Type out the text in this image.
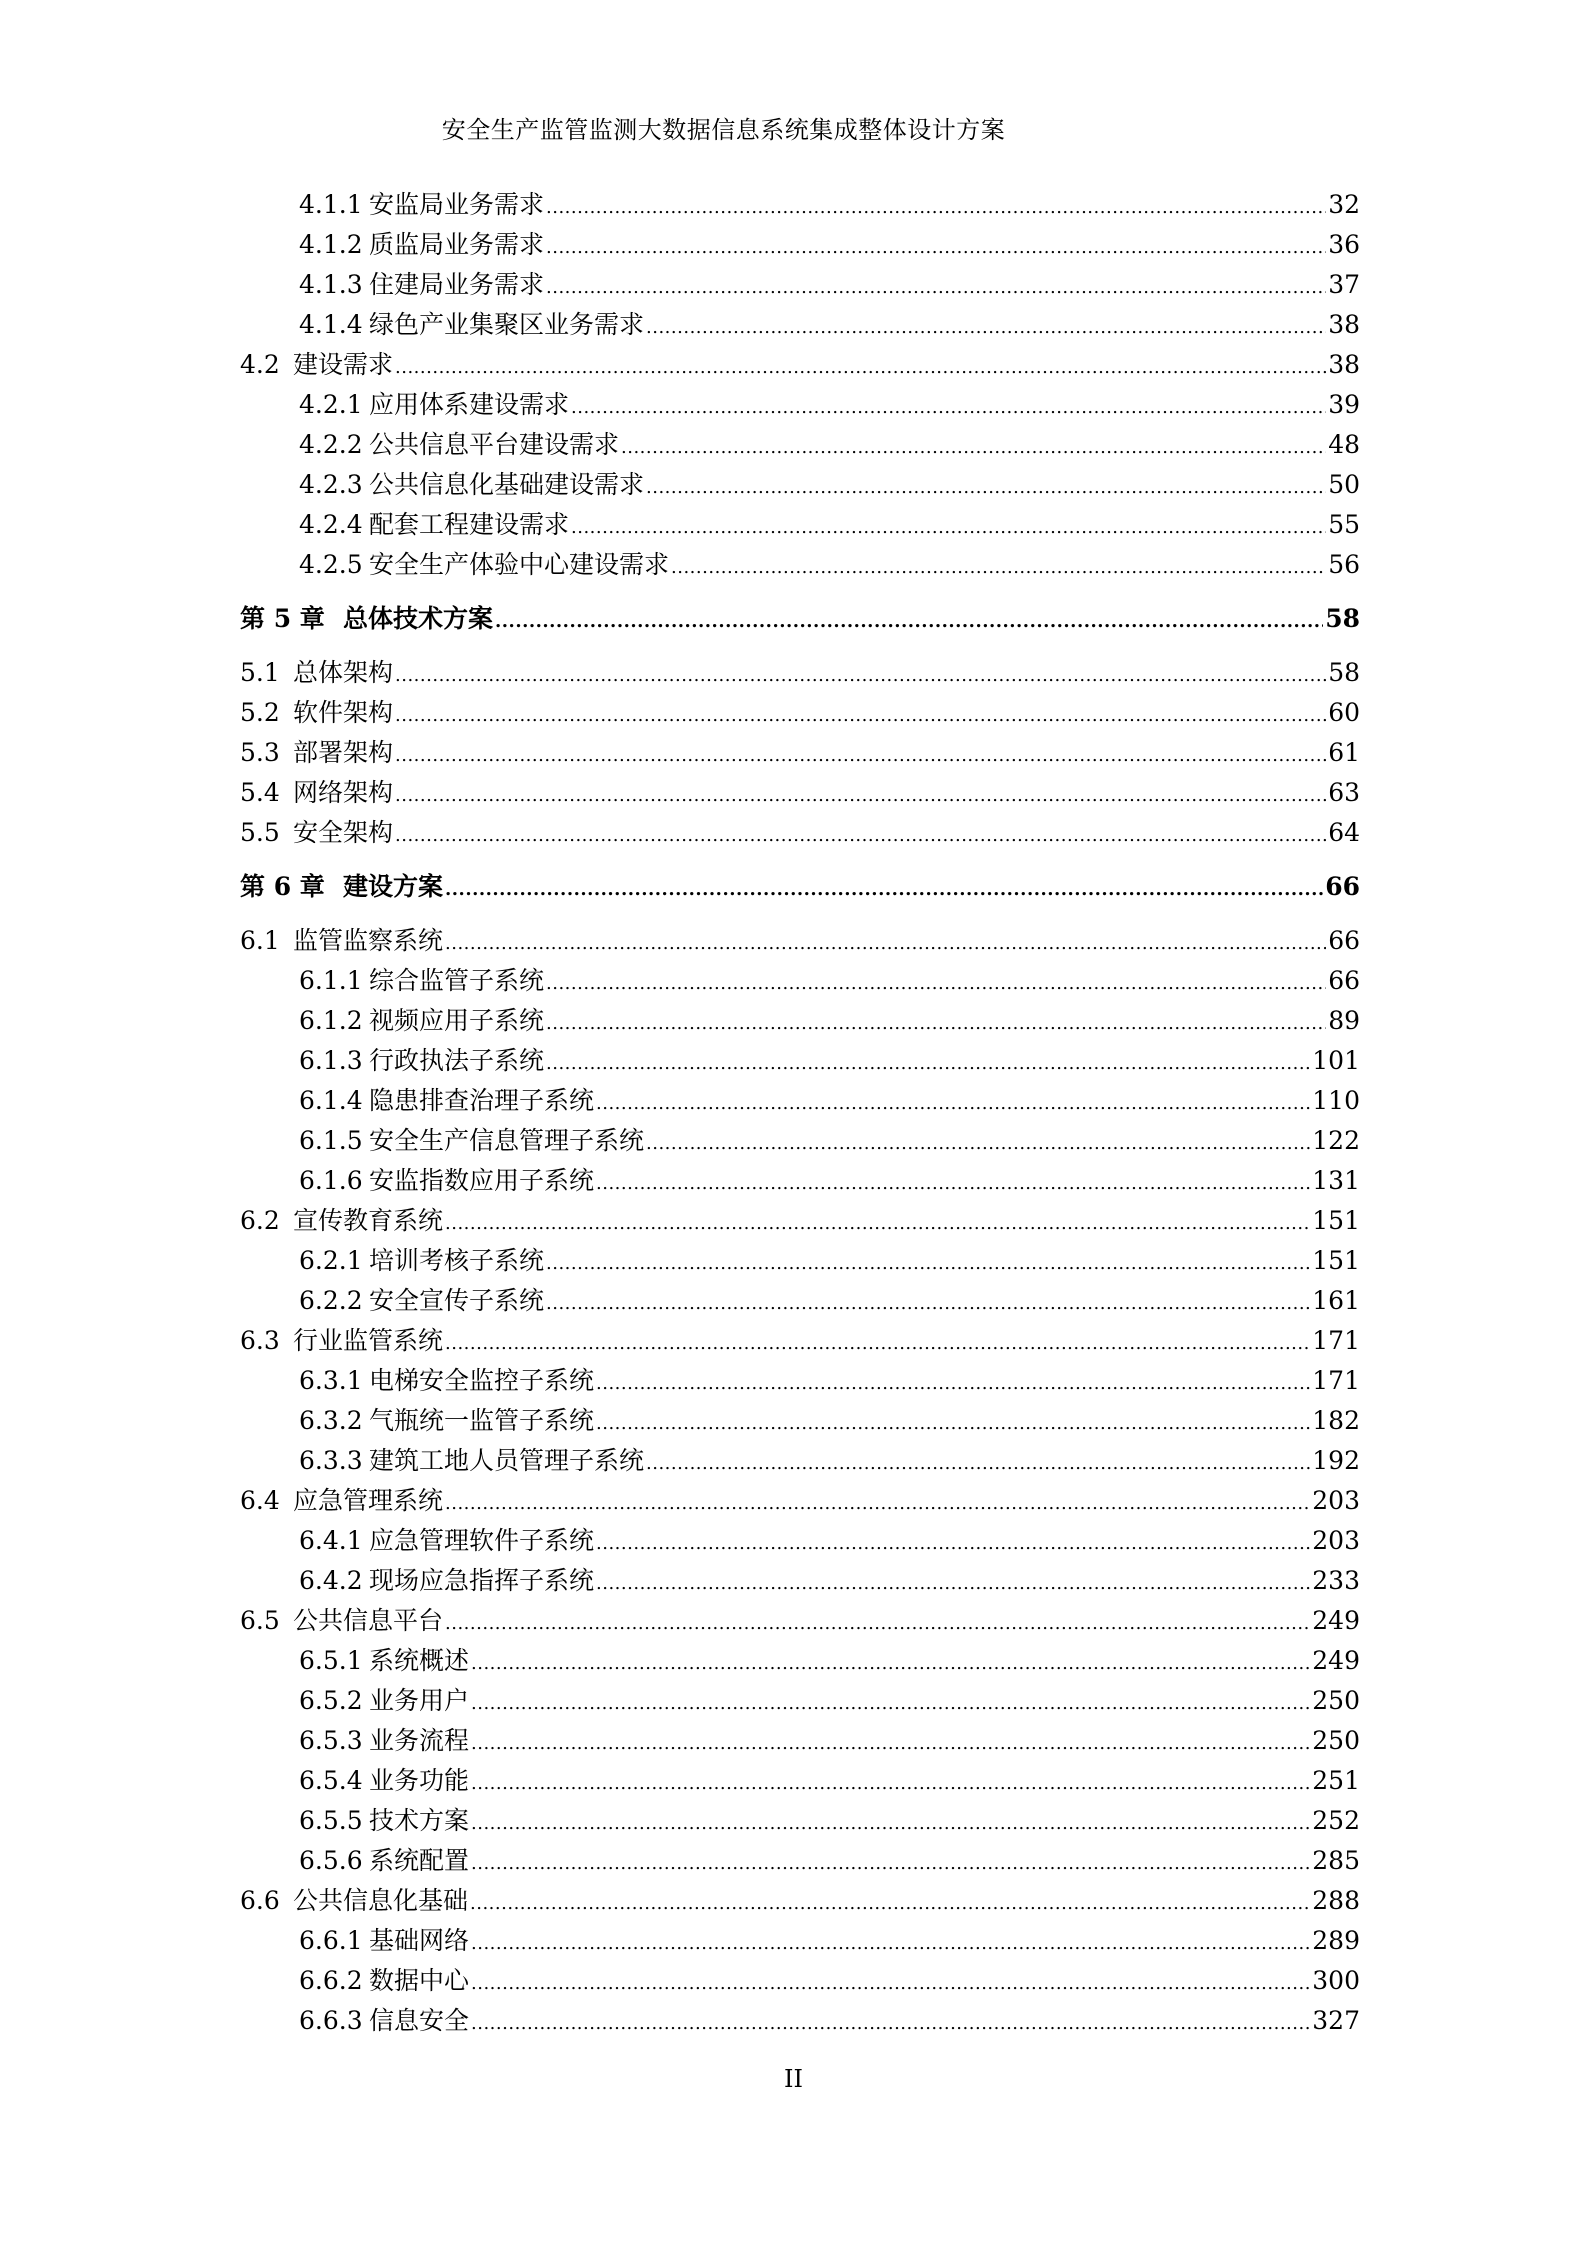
安全生产监管监测大数据信息系统集成整体设计方案
4.1.1 安监局业务需求 .....	32
4.1.2 质监局业务需求 .....	36
4.1.3 住建局业务需求 .....	37
4.1.4 绿色产业集聚区业务需求 .....	38
4.2 建设需求 .....	38
4.2.1 应用体系建设需求 .....	39
4.2.2 公共信息平台建设需求 .....	48
4.2.3 公共信息化基础建设需求 .....	50
4.2.4 配套工程建设需求 .....	55
4.2.5 安全生产体验中心建设需求 .....	56
第 5 章 总体技术方案 .....	58
5.1 总体架构 .....	58
5.2 软件架构 .....	60
5.3 部署架构 .....	61
5.4 网络架构 .....	63
5.5 安全架构 .....	64
第 6 章 建设方案 .....	66
6.1 监管监察系统 .....	66
6.1.1 综合监管子系统 .....	66
6.1.2 视频应用子系统 .....	89
6.1.3 行政执法子系统 .....	101
6.1.4 隐患排查治理子系统 .....	110
6.1.5 安全生产信息管理子系统 .....	122
6.1.6 安监指数应用子系统 .....	131
6.2 宣传教育系统 .....	151
6.2.1 培训考核子系统 .....	151
6.2.2 安全宣传子系统 .....	161
6.3 行业监管系统 .....	171
6.3.1 电梯安全监控子系统 .....	171
6.3.2 气瓶统一监管子系统 .....	182
6.3.3 建筑工地人员管理子系统 .....	192
6.4 应急管理系统 .....	203
6.4.1 应急管理软件子系统 .....	203
6.4.2 现场应急指挥子系统 .....	233
6.5 公共信息平台 .....	249
6.5.1 系统概述 .....	249
6.5.2 业务用户 .....	250
6.5.3 业务流程 .....	250
6.5.4 业务功能 .....	251
6.5.5 技术方案 .....	252
6.5.6 系统配置 .....	285
6.6 公共信息化基础 .....	288
6.6.1 基础网络 .....	289
6.6.2 数据中心 .....	300
6.6.3 信息安全 .....	327
II
